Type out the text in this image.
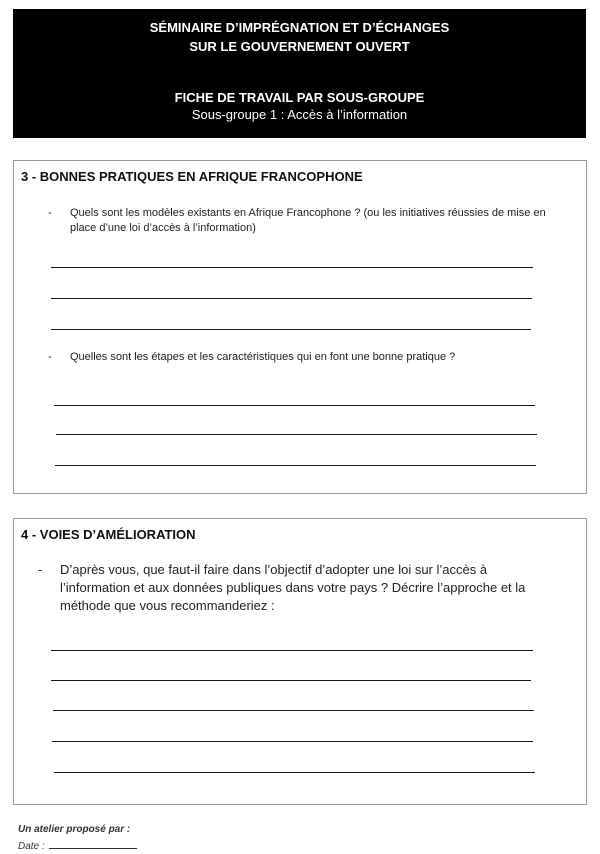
SÉMINAIRE D’IMPRÉGNATION ET D’ÉCHANGES
SUR LE GOUVERNEMENT OUVERT
FICHE DE TRAVAIL PAR SOUS-GROUPE
Sous-groupe 1 : Accès à l’information
3 - BONNES PRATIQUES EN AFRIQUE FRANCOPHONE
- Quels sont les modèles existants en Afrique Francophone ? (ou les initiatives réussies de mise en place d’une loi d’accès à l’information)
- Quelles sont les étapes et les caractéristiques qui en font une bonne pratique ?
4 - VOIES D’AMÉLIORATION
- D’après vous, que faut-il faire dans l’objectif d’adopter une loi sur l’accès à l’information et aux données publiques dans votre pays ? Décrire l’approche et la méthode que vous recommanderiez :
Un atelier proposé par :
Date :
